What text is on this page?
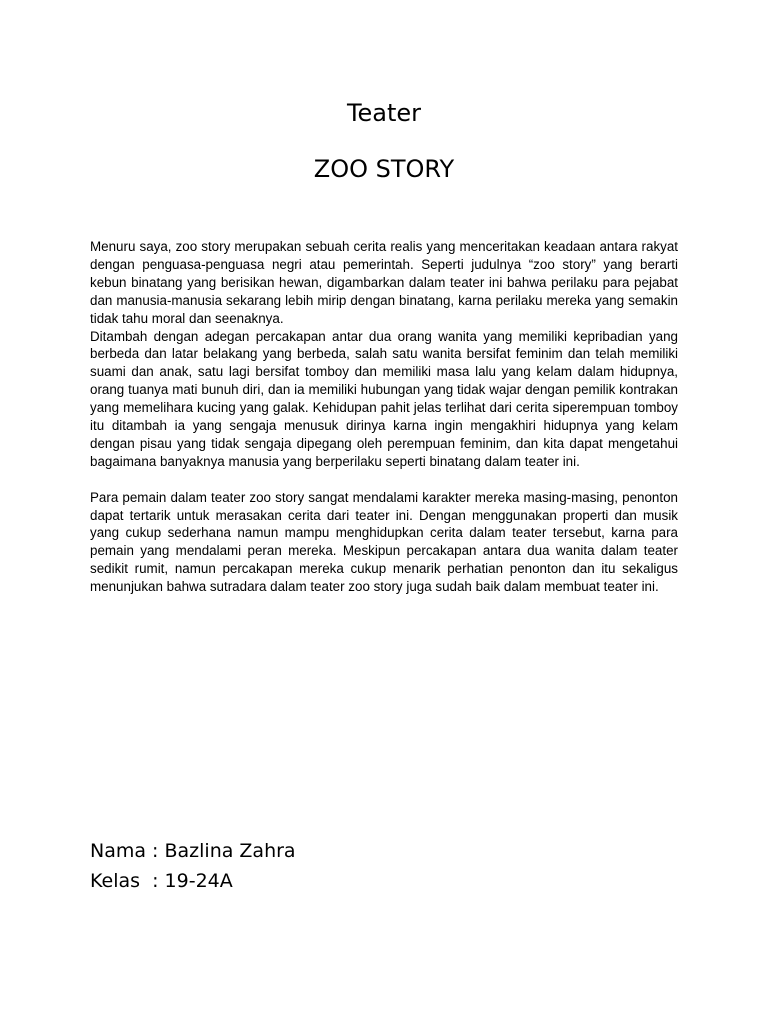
Teater
ZOO STORY

Menuru saya, zoo story merupakan sebuah cerita realis yang menceritakan keadaan antara rakyat dengan penguasa-penguasa negri atau pemerintah. Seperti judulnya “zoo story” yang berarti kebun binatang yang berisikan hewan, digambarkan dalam teater ini bahwa perilaku para pejabat dan manusia-manusia sekarang lebih mirip dengan binatang, karna perilaku mereka yang semakin tidak tahu moral dan seenaknya.

Ditambah dengan adegan percakapan antar dua orang wanita yang memiliki kepribadian yang berbeda dan latar belakang yang berbeda, salah satu wanita bersifat feminim dan telah memiliki suami dan anak, satu lagi bersifat tomboy dan memiliki masa lalu yang kelam dalam hidupnya, orang tuanya mati bunuh diri, dan ia memiliki hubungan yang tidak wajar dengan pemilik kontrakan yang memelihara kucing yang galak. Kehidupan pahit jelas terlihat dari cerita siperempuan tomboy itu ditambah ia yang sengaja menusuk dirinya karna ingin mengakhiri hidupnya yang kelam dengan pisau yang tidak sengaja dipegang oleh perempuan feminim, dan kita dapat mengetahui bagaimana banyaknya manusia yang berperilaku seperti binatang dalam teater ini.

Para pemain dalam teater zoo story sangat mendalami karakter mereka masing-masing, penonton dapat tertarik untuk merasakan cerita dari teater ini. Dengan menggunakan properti dan musik yang cukup sederhana namun mampu menghidupkan cerita dalam teater tersebut, karna para pemain yang mendalami peran mereka. Meskipun percakapan antara dua wanita dalam teater sedikit rumit, namun percakapan mereka cukup menarik perhatian penonton dan itu sekaligus menunjukan bahwa sutradara dalam teater zoo story juga sudah baik dalam membuat teater ini.

Nama : Bazlina Zahra
Kelas  : 19-24A
